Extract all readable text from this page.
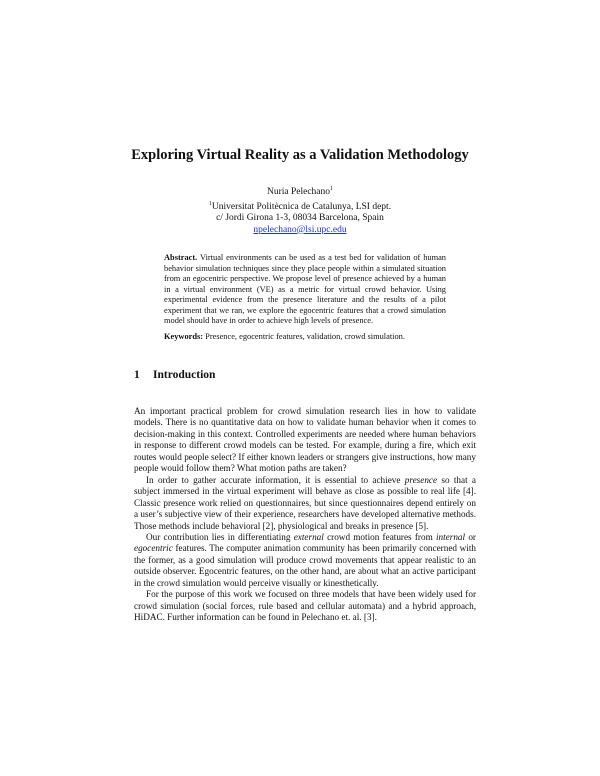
Exploring Virtual Reality as a Validation Methodology
Nuria Pelechano$^1$
$^1$Universitat Politècnica de Catalunya, LSI dept.
c/ Jordi Girona 1-3, 08034 Barcelona, Spain
npelechano@lsi.upc.edu
Abstract. Virtual environments can be used as a test bed for validation of human behavior simulation techniques since they place people within a simulated situation from an egocentric perspective. We propose level of presence achieved by a human in a virtual environment (VE) as a metric for virtual crowd behavior. Using experimental evidence from the presence literature and the results of a pilot experiment that we ran, we explore the egocentric features that a crowd simulation model should have in order to achieve high levels of presence.
Keywords: Presence, egocentric features, validation, crowd simulation.
1 Introduction

An important practical problem for crowd simulation research lies in how to validate models. There is no quantitative data on how to validate human behavior when it comes to decision-making in this context. Controlled experiments are needed where human behaviors in response to different crowd models can be tested. For example, during a fire, which exit routes would people select? If either known leaders or strangers give instructions, how many people would follow them? What motion paths are taken?

In order to gather accurate information, it is essential to achieve presence so that a subject immersed in the virtual experiment will behave as close as possible to real life [4]. Classic presence work relied on questionnaires, but since questionnaires depend entirely on a user’s subjective view of their experience, researchers have developed alternative methods. Those methods include behavioral [2], physiological and breaks in presence [5].

Our contribution lies in differentiating external crowd motion features from internal or egocentric features. The computer animation community has been primarily concerned with the former, as a good simulation will produce crowd movements that appear realistic to an outside observer. Egocentric features, on the other hand, are about what an active participant in the crowd simulation would perceive visually or kinesthetically.

For the purpose of this work we focused on three models that have been widely used for crowd simulation (social forces, rule based and cellular automata) and a hybrid approach, HiDAC. Further information can be found in Pelechano et. al. [3].
